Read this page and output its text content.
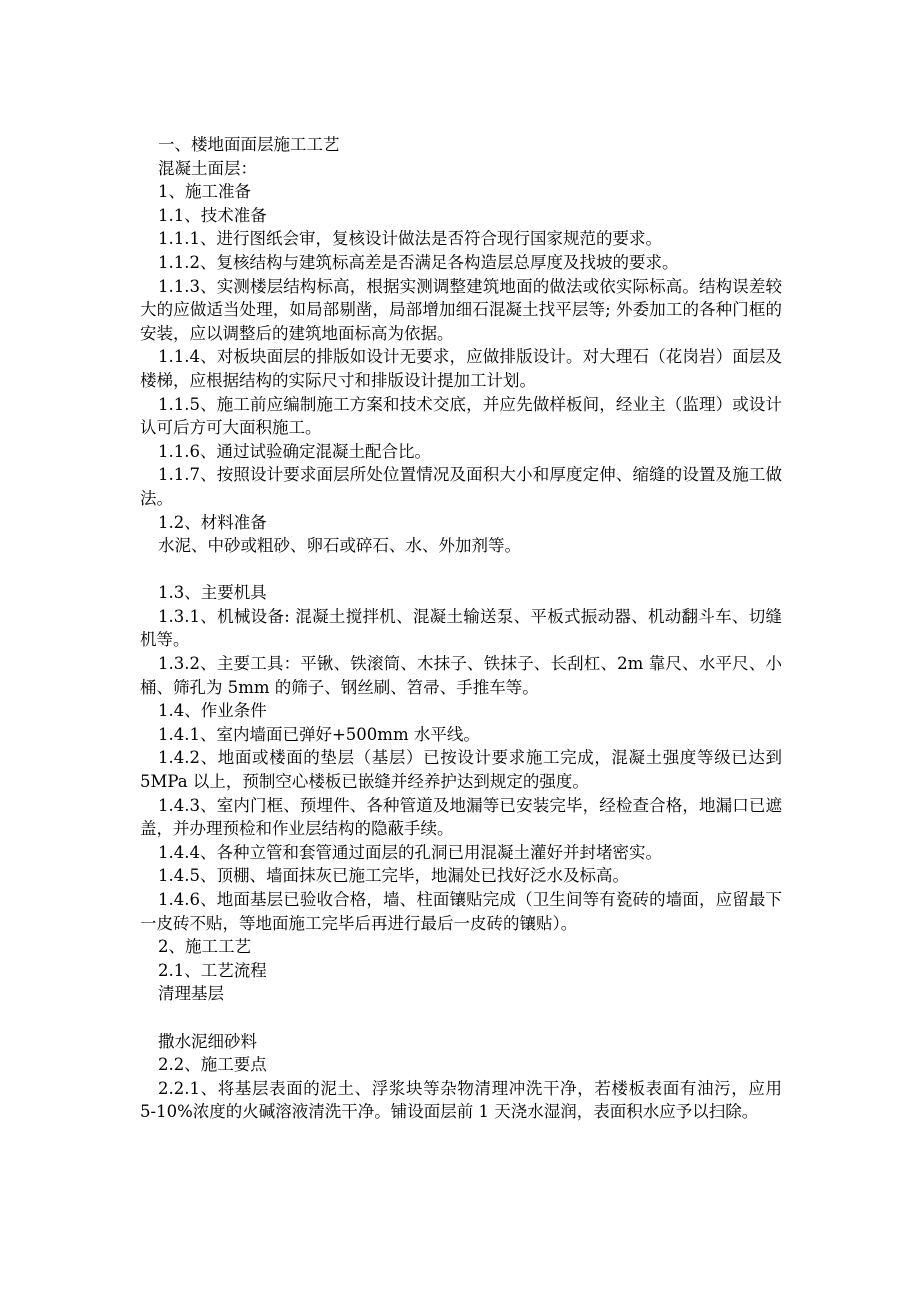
一、楼地面面层施工工艺

混凝土面层：

1、施工准备

1.1、技术准备

1.1.1、进行图纸会审，复核设计做法是否符合现行国家规范的要求。

1.1.2、复核结构与建筑标高差是否满足各构造层总厚度及找坡的要求。

1.1.3、实测楼层结构标高，根据实测调整建筑地面的做法或依实际标高。结构误差较大的应做适当处理，如局部剔凿，局部增加细石混凝土找平层等; 外委加工的各种门框的安装，应以调整后的建筑地面标高为依据。

1.1.4、对板块面层的排版如设计无要求，应做排版设计。对大理石（花岗岩）面层及楼梯，应根据结构的实际尺寸和排版设计提加工计划。

1.1.5、施工前应编制施工方案和技术交底，并应先做样板间，经业主（监理）或设计认可后方可大面积施工。

1.1.6、通过试验确定混凝土配合比。

1.1.7、按照设计要求面层所处位置情况及面积大小和厚度定伸、缩缝的设置及施工做法。

1.2、材料准备

水泥、中砂或粗砂、卵石或碎石、水、外加剂等。

1.3、主要机具

1.3.1、机械设备: 混凝土搅拌机、混凝土输送泵、平板式振动器、机动翻斗车、切缝机等。

1.3.2、主要工具：平锹、铁滚筒、木抹子、铁抹子、长刮杠、2m 靠尺、水平尺、小桶、筛孔为 5mm 的筛子、钢丝刷、笤帚、手推车等。

1.4、作业条件

1.4.1、室内墙面已弹好+500mm 水平线。

1.4.2、地面或楼面的垫层（基层）已按设计要求施工完成，混凝土强度等级已达到 5MPa 以上，预制空心楼板已嵌缝并经养护达到规定的强度。

1.4.3、室内门框、预埋件、各种管道及地漏等已安装完毕，经检查合格，地漏口已遮盖，并办理预检和作业层结构的隐蔽手续。

1.4.4、各种立管和套管通过面层的孔洞已用混凝土灌好并封堵密实。

1.4.5、顶棚、墙面抹灰已施工完毕，地漏处已找好泛水及标高。

1.4.6、地面基层已验收合格，墙、柱面镶贴完成（卫生间等有瓷砖的墙面，应留最下一皮砖不贴，等地面施工完毕后再进行最后一皮砖的镶贴）。

2、施工工艺

2.1、工艺流程

清理基层

撒水泥细砂料

2.2、施工要点

2.2.1、将基层表面的泥土、浮浆块等杂物清理冲洗干净，若楼板表面有油污，应用 5-10%浓度的火碱溶液清洗干净。铺设面层前 1 天浇水湿润，表面积水应予以扫除。
